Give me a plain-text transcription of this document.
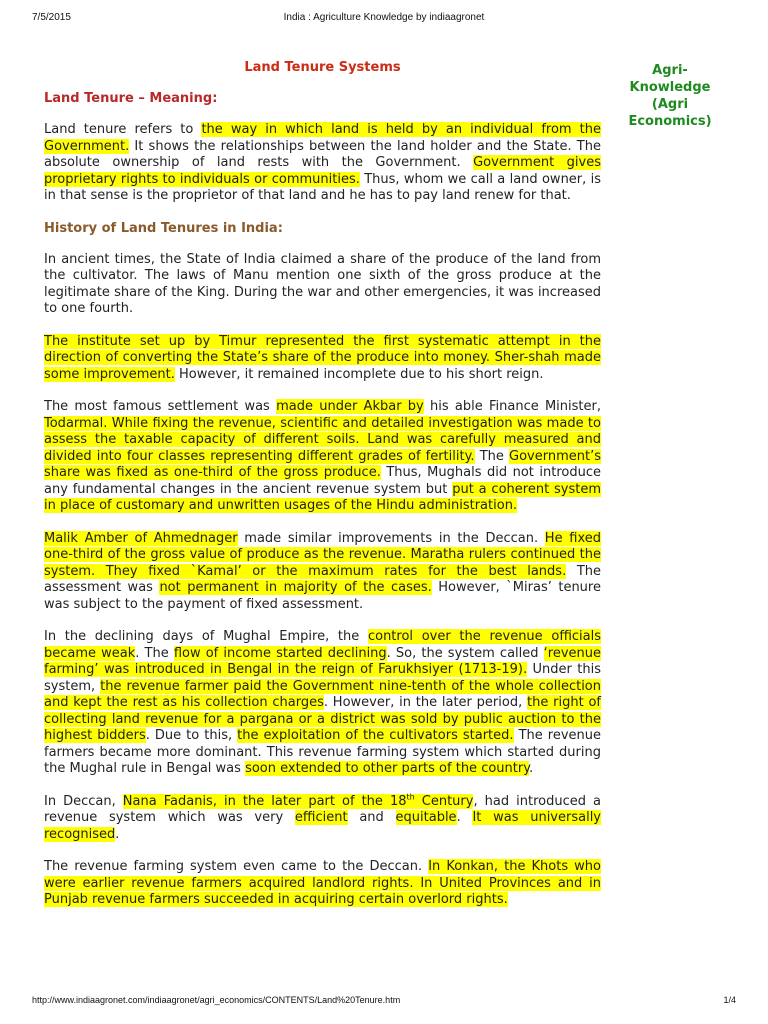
7/5/2015	India : Agriculture Knowledge by indiaagronet
Agri-
Knowledge
(Agri
Economics)
Land Tenure Systems
Land Tenure – Meaning:

Land tenure refers to the way in which land is held by an individual from the Government. It shows the relationships between the land holder and the State. The absolute ownership of land rests with the Government. Government gives proprietary rights to individuals or communities. Thus, whom we call a land owner, is in that sense is the proprietor of that land and he has to pay land renew for that.

History of Land Tenures in India:

In ancient times, the State of India claimed a share of the produce of the land from the cultivator. The laws of Manu mention one sixth of the gross produce at the legitimate share of the King. During the war and other emergencies, it was increased to one fourth.

The institute set up by Timur represented the first systematic attempt in the direction of converting the State’s share of the produce into money. Sher-shah made some improvement. However, it remained incomplete due to his short reign.

The most famous settlement was made under Akbar by his able Finance Minister, Todarmal. While fixing the revenue, scientific and detailed investigation was made to assess the taxable capacity of different soils. Land was carefully measured and divided into four classes representing different grades of fertility. The Government’s share was fixed as one-third of the gross produce. Thus, Mughals did not introduce any fundamental changes in the ancient revenue system but put a coherent system in place of customary and unwritten usages of the Hindu administration.

Malik Amber of Ahmednager made similar improvements in the Deccan. He fixed one-third of the gross value of produce as the revenue. Maratha rulers continued the system. They fixed `Kamal’ or the maximum rates for the best lands. The assessment was not permanent in majority of the cases. However, `Miras’ tenure was subject to the payment of fixed assessment.

In the declining days of Mughal Empire, the control over the revenue officials became weak. The flow of income started declining. So, the system called ‘revenue farming’ was introduced in Bengal in the reign of Farukhsiyer (1713-19). Under this system, the revenue farmer paid the Government nine-tenth of the whole collection and kept the rest as his collection charges. However, in the later period, the right of collecting land revenue for a pargana or a district was sold by public auction to the highest bidders. Due to this, the exploitation of the cultivators started. The revenue farmers became more dominant. This revenue farming system which started during the Mughal rule in Bengal was soon extended to other parts of the country.

In Deccan, Nana Fadanis, in the later part of the 18th Century, had introduced a revenue system which was very efficient and equitable. It was universally recognised.

The revenue farming system even came to the Deccan. In Konkan, the Khots who were earlier revenue farmers acquired landlord rights. In United Provinces and in Punjab revenue farmers succeeded in acquiring certain overlord rights.

http://www.indiaagronet.com/indiaagronet/agri_economics/CONTENTS/Land%20Tenure.htm	1/4
